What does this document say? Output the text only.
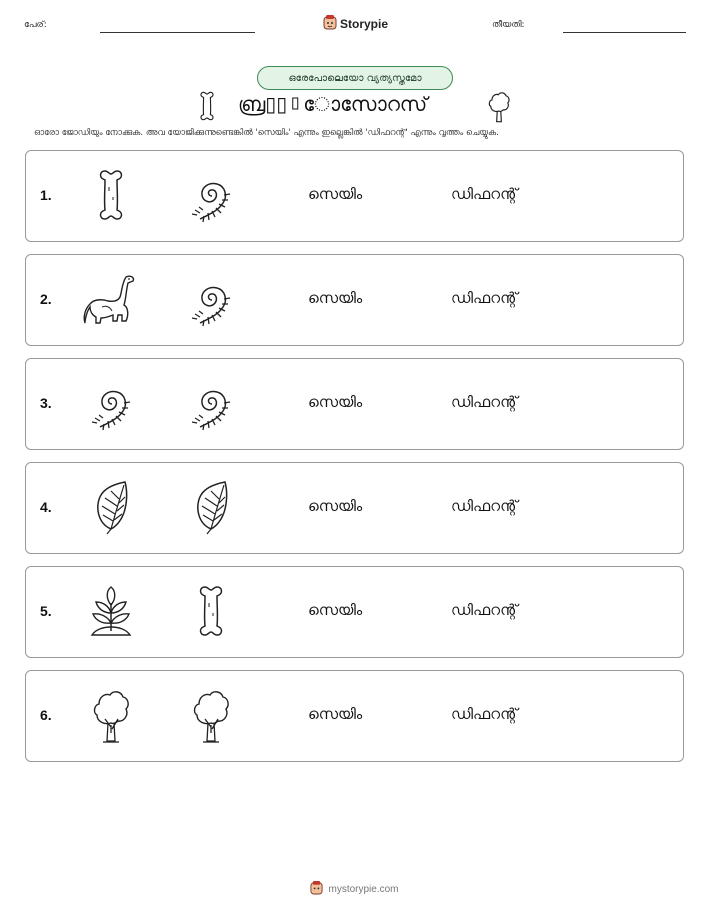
പേര്:	Storypie	തീയതി:
ഒരേപോലെയോ വ്യത്യസ്തമോ
ബ്ര▯▯▯ോസോറസ്
ഓരോ ജോഡിയും നോക്കുക. അവ യോജിക്കുന്നുണ്ടെങ്കിൽ 'സെയിം' എന്നും ഇല്ലെങ്കിൽ 'ഡിഫറന്റ്' എന്നും വൃത്തം ചെയ്യുക.
1.	സെയിം	ഡിഫറന്റ്
2.	സെയിം	ഡിഫറന്റ്
3.	സെയിം	ഡിഫറന്റ്
4.	സെയിം	ഡിഫറന്റ്
5.	സെയിം	ഡിഫറന്റ്
6.	സെയിം	ഡിഫറന്റ്
mystorypie.com
